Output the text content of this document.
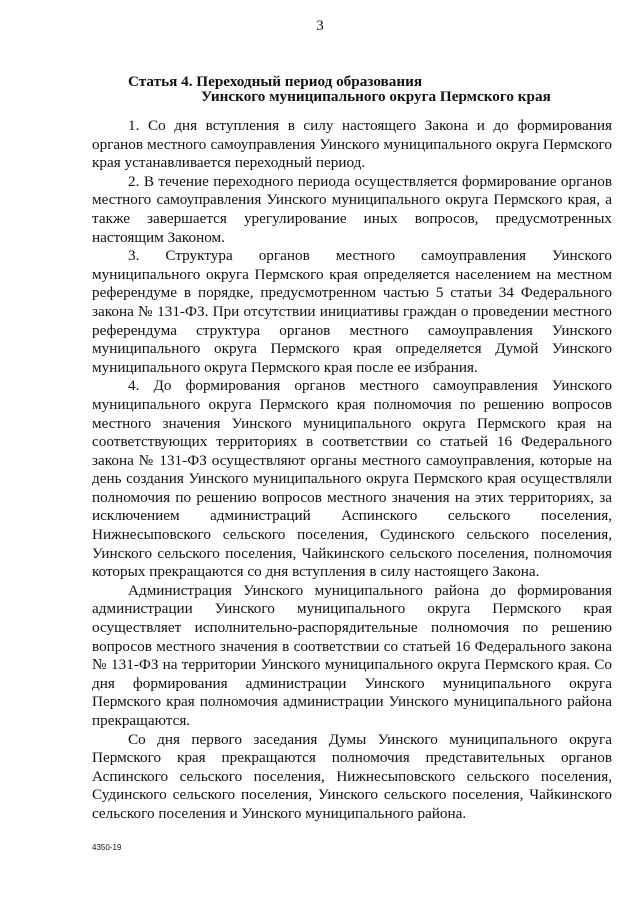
3
Статья 4. Переходный период образования
Уинского муниципального округа Пермского края

1. Со дня вступления в силу настоящего Закона и до формирования органов местного самоуправления Уинского муниципального округа Пермского края устанавливается переходный период.

2. В течение переходного периода осуществляется формирование органов местного самоуправления Уинского муниципального округа Пермского края, а также завершается урегулирование иных вопросов, предусмотренных настоящим Законом.

3. Структура органов местного самоуправления Уинского муниципального округа Пермского края определяется населением на местном референдуме в порядке, предусмотренном частью 5 статьи 34 Федерального закона № 131-ФЗ. При отсутствии инициативы граждан о проведении местного референдума структура органов местного самоуправления Уинского муниципального округа Пермского края определяется Думой Уинского муниципального округа Пермского края после ее избрания.

4. До формирования органов местного самоуправления Уинского муниципального округа Пермского края полномочия по решению вопросов местного значения Уинского муниципального округа Пермского края на соответствующих территориях в соответствии со статьей 16 Федерального закона № 131-ФЗ осуществляют органы местного самоуправления, которые на день создания Уинского муниципального округа Пермского края осуществляли полномочия по решению вопросов местного значения на этих территориях, за исключением администраций Аспинского сельского поселения, Нижнесыповского сельского поселения, Судинского сельского поселения, Уинского сельского поселения, Чайкинского сельского поселения, полномочия которых прекращаются со дня вступления в силу настоящего Закона.

Администрация Уинского муниципального района до формирования администрации Уинского муниципального округа Пермского края осуществляет исполнительно-распорядительные полномочия по решению вопросов местного значения в соответствии со статьей 16 Федерального закона № 131-ФЗ на территории Уинского муниципального округа Пермского края. Со дня формирования администрации Уинского муниципального округа Пермского края полномочия администрации Уинского муниципального района прекращаются.

Со дня первого заседания Думы Уинского муниципального округа Пермского края прекращаются полномочия представительных органов Аспинского сельского поселения, Нижнесыповского сельского поселения, Судинского сельского поселения, Уинского сельского поселения, Чайкинского сельского поселения и Уинского муниципального района.

4350-19
